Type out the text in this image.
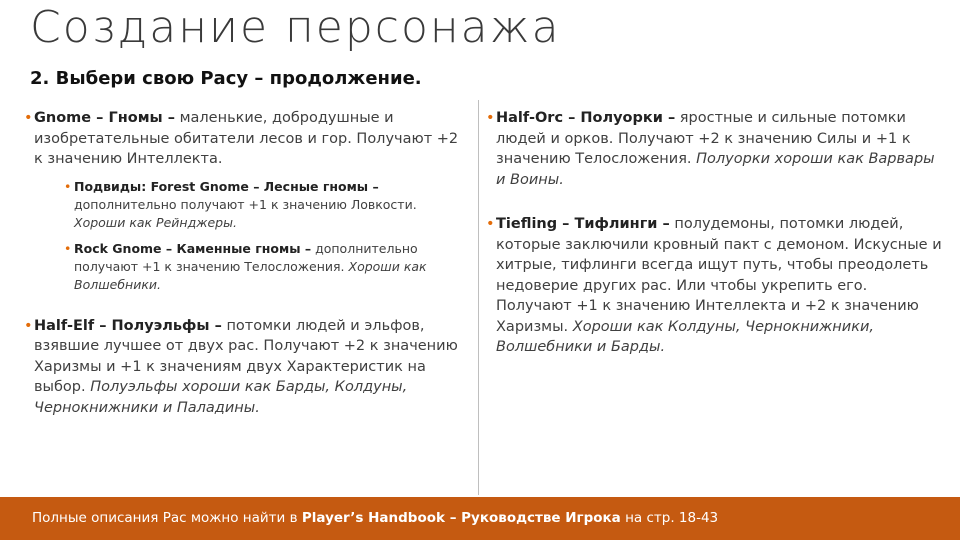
Создание персонажа
2. Выбери свою Расу – продолжение.
• Gnome – Гномы – маленькие, добродушные и изобретательные обитатели лесов и гор. Получают +2 к значению Интеллекта.
• Подвиды: Forest Gnome – Лесные гномы – дополнительно получают +1 к значению Ловкости. Хороши как Рейнджеры.
• Rock Gnome – Каменные гномы – дополнительно получают +1 к значению Телосложения. Хороши как Волшебники.
• Half-Elf – Полуэльфы – потомки людей и эльфов, взявшие лучшее от двух рас. Получают +2 к значению Харизмы и +1 к значениям двух Характеристик на выбор. Полуэльфы хороши как Барды, Колдуны, Чернокнижники и Паладины.
• Half-Orc – Полуорки – яростные и сильные потомки людей и орков. Получают +2 к значению Силы и +1 к значению Телосложения. Полуорки хороши как Варвары и Воины.
• Tiefling – Тифлинги – полудемоны, потомки людей, которые заключили кровный пакт с демоном. Искусные и хитрые, тифлинги всегда ищут путь, чтобы преодолеть недоверие других рас. Или чтобы укрепить его. Получают +1 к значению Интеллекта и +2 к значению Харизмы. Хороши как Колдуны, Чернокнижники, Волшебники и Барды.
Полные описания Рас можно найти в Player’s Handbook – Руководстве Игрока на стр. 18-43
